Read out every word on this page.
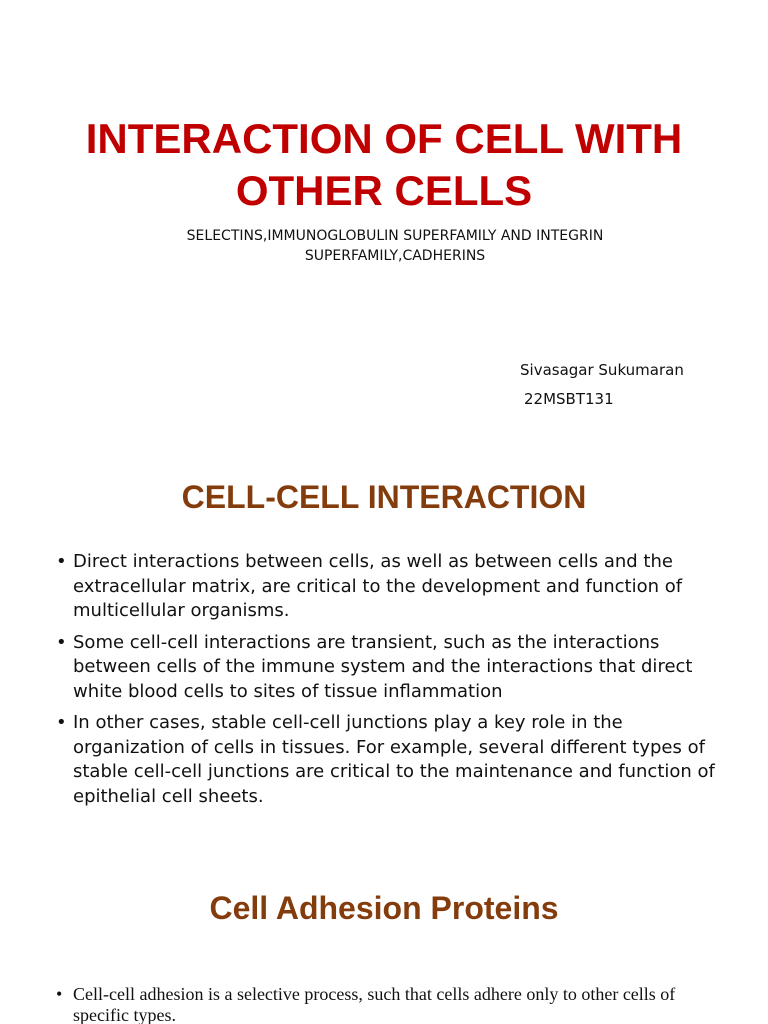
INTERACTION OF CELL WITH OTHER CELLS

SELECTINS,IMMUNOGLOBULIN SUPERFAMILY AND INTEGRIN SUPERFAMILY,CADHERINS

Sivasagar Sukumaran

22MSBT131

CELL-CELL INTERACTION
• Direct interactions between cells, as well as between cells and the extracellular matrix, are critical to the development and function of multicellular organisms.
• Some cell-cell interactions are transient, such as the interactions between cells of the immune system and the interactions that direct white blood cells to sites of tissue inflammation
• In other cases, stable cell-cell junctions play a key role in the organization of cells in tissues. For example, several different types of stable cell-cell junctions are critical to the maintenance and function of epithelial cell sheets.
Cell Adhesion Proteins
• Cell-cell adhesion is a selective process, such that cells adhere only to other cells of specific types.
